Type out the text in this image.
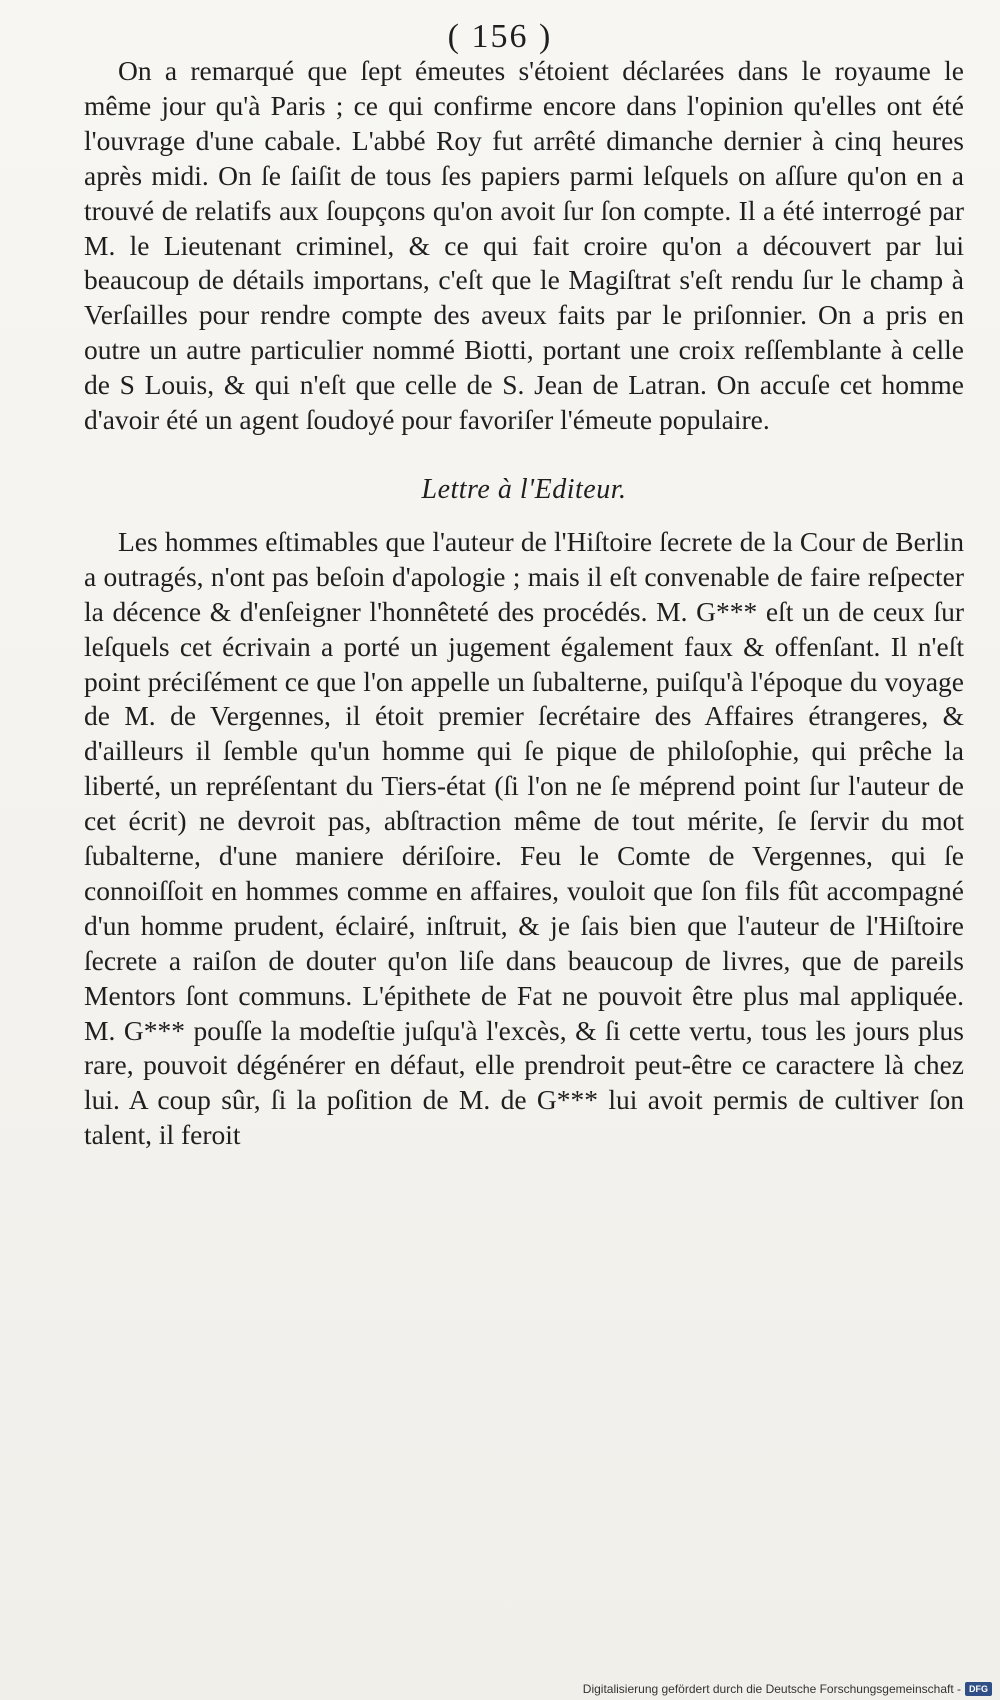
( 156 )

On a remarqué que ſept émeutes s'étoient déclarées dans le royaume le même jour qu'à Paris ; ce qui confirme encore dans l'opinion qu'elles ont été l'ouvrage d'une cabale. L'abbé Roy fut arrêté dimanche dernier à cinq heures après midi. On ſe ſaiſit de tous ſes papiers parmi leſquels on aſſure qu'on en a trouvé de relatifs aux ſoupçons qu'on avoit ſur ſon compte. Il a été interrogé par M. le Lieutenant criminel, & ce qui fait croire qu'on a découvert par lui beaucoup de détails importans, c'eſt que le Magiſtrat s'eſt rendu ſur le champ à Verſailles pour rendre compte des aveux faits par le priſonnier. On a pris en outre un autre particulier nommé Biotti, portant une croix reſſemblante à celle de S Louis, & qui n'eſt que celle de S. Jean de Latran. On accuſe cet homme d'avoir été un agent ſoudoyé pour favoriſer l'émeute populaire.

Lettre à l'Editeur.

Les hommes eſtimables que l'auteur de l'Hiſtoire ſecrete de la Cour de Berlin a outragés, n'ont pas beſoin d'apologie ; mais il eſt convenable de faire reſpecter la décence & d'enſeigner l'honnêteté des procédés. M. G*** eſt un de ceux ſur leſquels cet écrivain a porté un jugement également faux & offenſant. Il n'eſt point préciſément ce que l'on appelle un ſubalterne, puiſqu'à l'époque du voyage de M. de Vergennes, il étoit premier ſecrétaire des Affaires étrangeres, & d'ailleurs il ſemble qu'un homme qui ſe pique de philoſophie, qui prêche la liberté, un repréſentant du Tiers-état (ſi l'on ne ſe méprend point ſur l'auteur de cet écrit) ne devroit pas, abſtraction même de tout mérite, ſe ſervir du mot ſubalterne, d'une maniere dériſoire. Feu le Comte de Vergennes, qui ſe connoiſſoit en hommes comme en affaires, vouloit que ſon fils fût accompagné d'un homme prudent, éclairé, inſtruit, & je ſais bien que l'auteur de l'Hiſtoire ſecrete a raiſon de douter qu'on liſe dans beaucoup de livres, que de pareils Mentors ſont communs. L'épithete de Fat ne pouvoit être plus mal appliquée. M. G*** pouſſe la modeſtie juſqu'à l'excès, & ſi cette vertu, tous les jours plus rare, pouvoit dégénérer en défaut, elle prendroit peut-être ce caractere là chez lui. A coup sûr, ſi la poſition de M. de G*** lui avoit permis de cultiver ſon talent, il feroit

Digitalisierung gefördert durch die Deutsche Forschungsgemeinschaft - DFG
